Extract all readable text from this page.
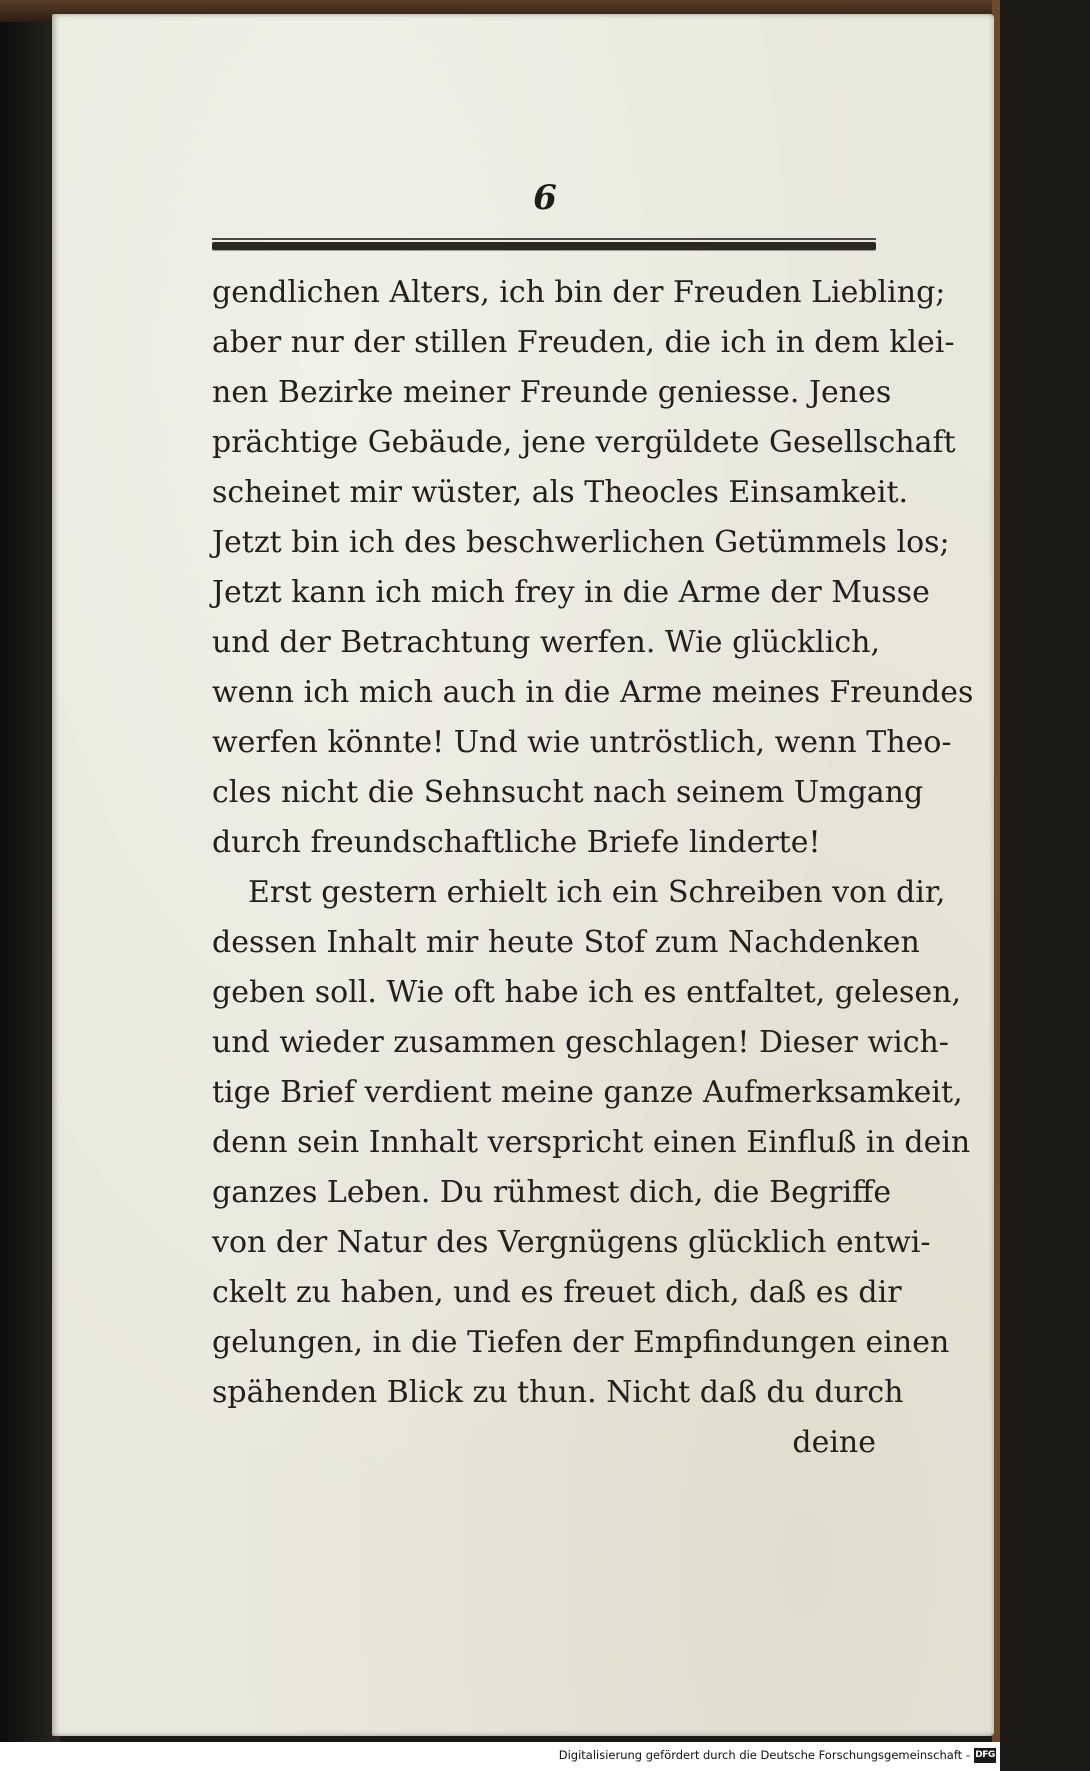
6
gendlichen Alters, ich bin der Freuden Liebling;
aber nur der stillen Freuden, die ich in dem klei-
nen Bezirke meiner Freunde geniesse. Jenes
prächtige Gebäude, jene vergüldete Gesellschaft
scheinet mir wüster, als Theocles Einsamkeit.
Jetzt bin ich des beschwerlichen Getümmels los;
Jetzt kann ich mich frey in die Arme der Musse
und der Betrachtung werfen. Wie glücklich,
wenn ich mich auch in die Arme meines Freundes
werfen könnte! Und wie untröstlich, wenn Theo-
cles nicht die Sehnsucht nach seinem Umgang
durch freundschaftliche Briefe linderte!
Erst gestern erhielt ich ein Schreiben von dir,
dessen Inhalt mir heute Stof zum Nachdenken
geben soll. Wie oft habe ich es entfaltet, gelesen,
und wieder zusammen geschlagen! Dieser wich-
tige Brief verdient meine ganze Aufmerksamkeit,
denn sein Innhalt verspricht einen Einfluß in dein
ganzes Leben. Du rühmest dich, die Begriffe
von der Natur des Vergnügens glücklich entwi-
ckelt zu haben, und es freuet dich, daß es dir
gelungen, in die Tiefen der Empfindungen einen
spähenden Blick zu thun. Nicht daß du durch
deine
Digitalisierung gefördert durch die Deutsche Forschungsgemeinschaft - DFG
